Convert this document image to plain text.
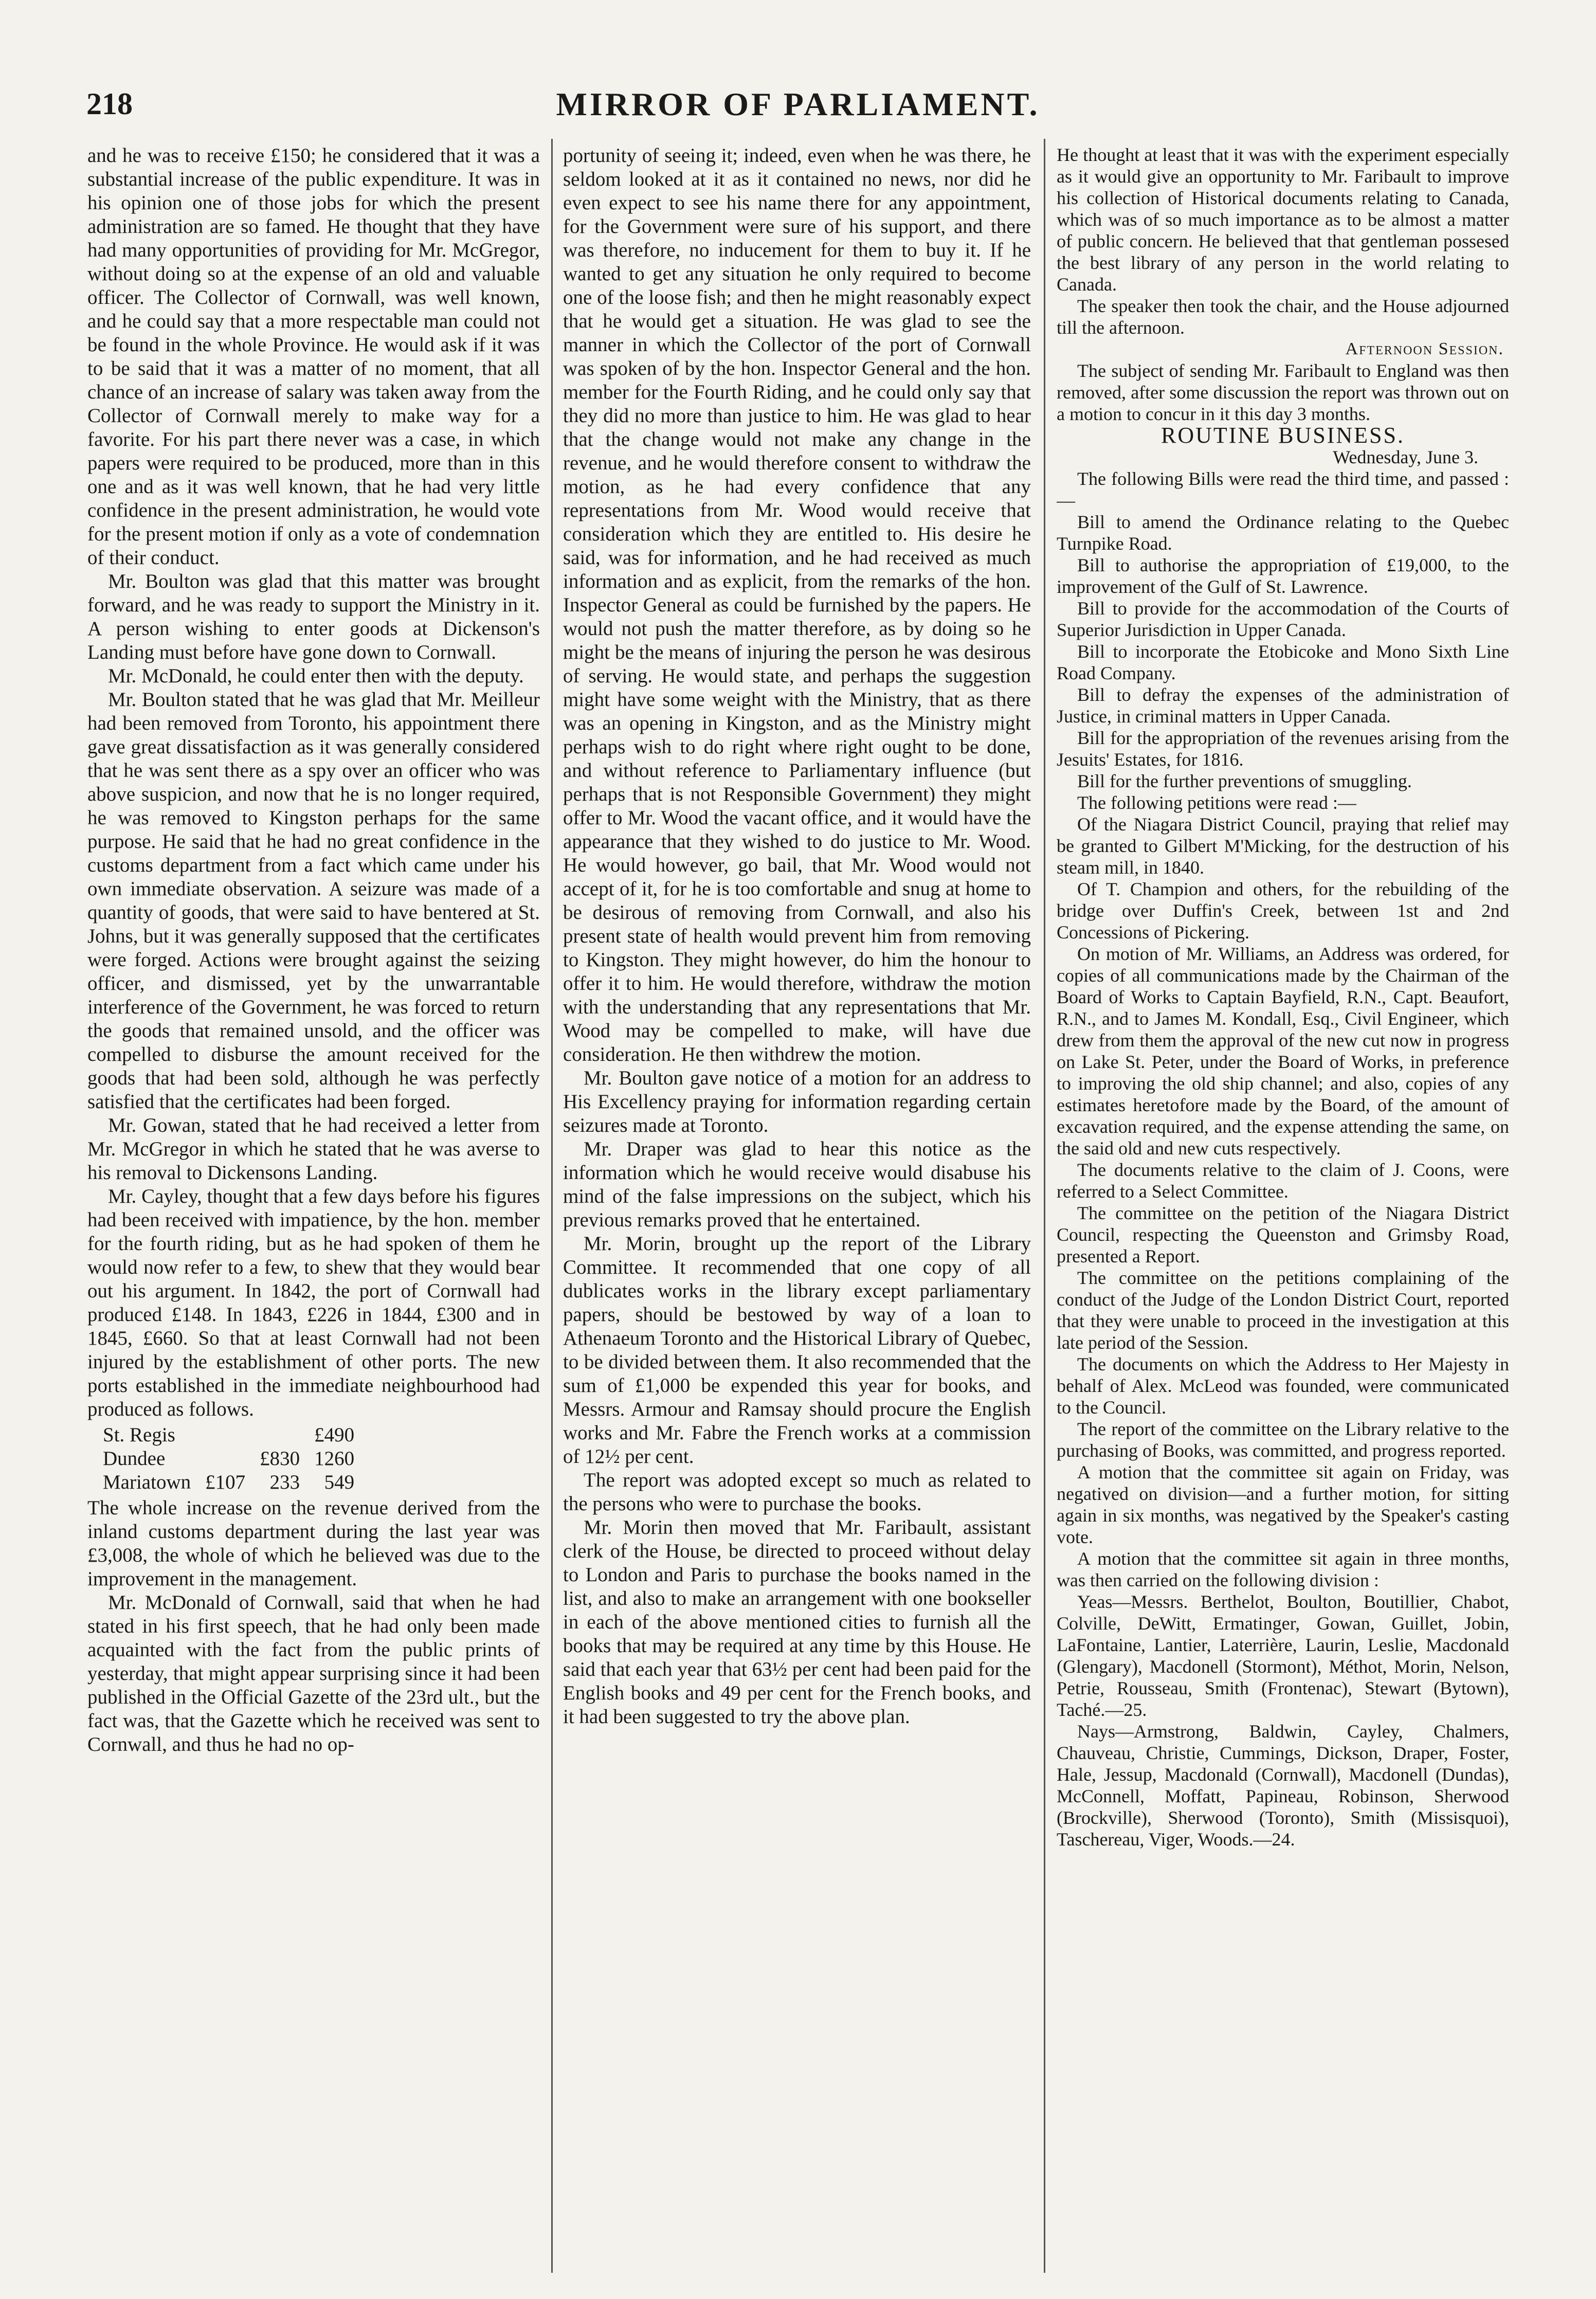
218	MIRROR OF PARLIAMENT.

and he was to receive £150; he considered that it was a substantial increase of the public expenditure. It was in his opinion one of those jobs for which the present administration are so famed. He thought that they have had many opportunities of providing for Mr. McGregor, without doing so at the expense of an old and valuable officer. The Collector of Cornwall, was well known, and he could say that a more respectable man could not be found in the whole Province. He would ask if it was to be said that it was a matter of no moment, that all chance of an increase of salary was taken away from the Collector of Cornwall merely to make way for a favorite. For his part there never was a case, in which papers were required to be produced, more than in this one and as it was well known, that he had very little confidence in the present administration, he would vote for the present motion if only as a vote of condemnation of their conduct.

Mr. Boulton was glad that this matter was brought forward, and he was ready to support the Ministry in it. A person wishing to enter goods at Dickenson's Landing must before have gone down to Cornwall.

Mr. McDonald, he could enter then with the deputy.

Mr. Boulton stated that he was glad that Mr. Meilleur had been removed from Toronto, his appointment there gave great dissatisfaction as it was generally considered that he was sent there as a spy over an officer who was above suspicion, and now that he is no longer required, he was removed to Kingston perhaps for the same purpose. He said that he had no great confidence in the customs department from a fact which came under his own immediate observation. A seizure was made of a quantity of goods, that were said to have bentered at St. Johns, but it was generally supposed that the certificates were forged. Actions were brought against the seizing officer, and dismissed, yet by the unwarrantable interference of the Government, he was forced to return the goods that remained unsold, and the officer was compelled to disburse the amount received for the goods that had been sold, although he was perfectly satisfied that the certificates had been forged.

Mr. Gowan, stated that he had received a letter from Mr. McGregor in which he stated that he was averse to his removal to Dickensons Landing.

Mr. Cayley, thought that a few days before his figures had been received with impatience, by the hon. member for the fourth riding, but as he had spoken of them he would now refer to a few, to shew that they would bear out his argument. In 1842, the port of Cornwall had produced £148. In 1843, £226 in 1844, £300 and in 1845, £660. So that at least Cornwall had not been injured by the establishment of other ports. The new ports established in the immediate neighbourhood had produced as follows.

St. Regis			£490
Dundee		£830	1260
Mariatown	£107	233	549

The whole increase on the revenue derived from the inland customs department during the last year was £3,008, the whole of which he believed was due to the improvement in the management.

Mr. McDonald of Cornwall, said that when he had stated in his first speech, that he had only been made acquainted with the fact from the public prints of yesterday, that might appear surprising since it had been published in the Official Gazette of the 23rd ult., but the fact was, that the Gazette which he received was sent to Cornwall, and thus he had no op-

portunity of seeing it; indeed, even when he was there, he seldom looked at it as it contained no news, nor did he even expect to see his name there for any appointment, for the Government were sure of his support, and there was therefore, no inducement for them to buy it. If he wanted to get any situation he only required to become one of the loose fish; and then he might reasonably expect that he would get a situation. He was glad to see the manner in which the Collector of the port of Cornwall was spoken of by the hon. Inspector General and the hon. member for the Fourth Riding, and he could only say that they did no more than justice to him. He was glad to hear that the change would not make any change in the revenue, and he would therefore consent to withdraw the motion, as he had every confidence that any representations from Mr. Wood would receive that consideration which they are entitled to. His desire he said, was for information, and he had received as much information and as explicit, from the remarks of the hon. Inspector General as could be furnished by the papers. He would not push the matter therefore, as by doing so he might be the means of injuring the person he was desirous of serving. He would state, and perhaps the suggestion might have some weight with the Ministry, that as there was an opening in Kingston, and as the Ministry might perhaps wish to do right where right ought to be done, and without reference to Parliamentary influence (but perhaps that is not Responsible Government) they might offer to Mr. Wood the vacant office, and it would have the appearance that they wished to do justice to Mr. Wood. He would however, go bail, that Mr. Wood would not accept of it, for he is too comfortable and snug at home to be desirous of removing from Cornwall, and also his present state of health would prevent him from removing to Kingston. They might however, do him the honour to offer it to him. He would therefore, withdraw the motion with the understanding that any representations that Mr. Wood may be compelled to make, will have due consideration. He then withdrew the motion.

Mr. Boulton gave notice of a motion for an address to His Excellency praying for information regarding certain seizures made at Toronto.

Mr. Draper was glad to hear this notice as the information which he would receive would disabuse his mind of the false impressions on the subject, which his previous remarks proved that he entertained.

Mr. Morin, brought up the report of the Library Committee. It recommended that one copy of all dublicates works in the library except parliamentary papers, should be bestowed by way of a loan to Athenaeum Toronto and the Historical Library of Quebec, to be divided between them. It also recommended that the sum of £1,000 be expended this year for books, and Messrs. Armour and Ramsay should procure the English works and Mr. Fabre the French works at a commission of 12½ per cent.

The report was adopted except so much as related to the persons who were to purchase the books.

Mr. Morin then moved that Mr. Faribault, assistant clerk of the House, be directed to proceed without delay to London and Paris to purchase the books named in the list, and also to make an arrangement with one bookseller in each of the above mentioned cities to furnish all the books that may be required at any time by this House. He said that each year that 63½ per cent had been paid for the English books and 49 per cent for the French books, and it had been suggested to try the above plan.

He thought at least that it was with the experiment especially as it would give an opportunity to Mr. Faribault to improve his collection of Historical documents relating to Canada, which was of so much importance as to be almost a matter of public concern. He believed that that gentleman possesed the best library of any person in the world relating to Canada.

The speaker then took the chair, and the House adjourned till the afternoon.

Afternoon Session.

The subject of sending Mr. Faribault to England was then removed, after some discussion the report was thrown out on a motion to concur in it this day 3 months.

ROUTINE BUSINESS.

Wednesday, June 3.

The following Bills were read the third time, and passed :—

Bill to amend the Ordinance relating to the Quebec Turnpike Road.

Bill to authorise the appropriation of £19,000, to the improvement of the Gulf of St. Lawrence.

Bill to provide for the accommodation of the Courts of Superior Jurisdiction in Upper Canada.

Bill to incorporate the Etobicoke and Mono Sixth Line Road Company.

Bill to defray the expenses of the administration of Justice, in criminal matters in Upper Canada.

Bill for the appropriation of the revenues arising from the Jesuits' Estates, for 1816.

Bill for the further preventions of smuggling.

The following petitions were read :—

Of the Niagara District Council, praying that relief may be granted to Gilbert M'Micking, for the destruction of his steam mill, in 1840.

Of T. Champion and others, for the rebuilding of the bridge over Duffin's Creek, between 1st and 2nd Concessions of Pickering.

On motion of Mr. Williams, an Address was ordered, for copies of all communications made by the Chairman of the Board of Works to Captain Bayfield, R.N., Capt. Beaufort, R.N., and to James M. Kondall, Esq., Civil Engineer, which drew from them the approval of the new cut now in progress on Lake St. Peter, under the Board of Works, in preference to improving the old ship channel; and also, copies of any estimates heretofore made by the Board, of the amount of excavation required, and the expense attending the same, on the said old and new cuts respectively.

The documents relative to the claim of J. Coons, were referred to a Select Committee.

The committee on the petition of the Niagara District Council, respecting the Queenston and Grimsby Road, presented a Report.

The committee on the petitions complaining of the conduct of the Judge of the London District Court, reported that they were unable to proceed in the investigation at this late period of the Session.

The documents on which the Address to Her Majesty in behalf of Alex. McLeod was founded, were communicated to the Council.

The report of the committee on the Library relative to the purchasing of Books, was committed, and progress reported.

A motion that the committee sit again on Friday, was negatived on division—and a further motion, for sitting again in six months, was negatived by the Speaker's casting vote.

A motion that the committee sit again in three months, was then carried on the following division :

Yeas—Messrs. Berthelot, Boulton, Boutillier, Chabot, Colville, DeWitt, Ermatinger, Gowan, Guillet, Jobin, LaFontaine, Lantier, Laterrière, Laurin, Leslie, Macdonald (Glengary), Macdonell (Stormont), Méthot, Morin, Nelson, Petrie, Rousseau, Smith (Frontenac), Stewart (Bytown), Taché.—25.

Nays—Armstrong, Baldwin, Cayley, Chalmers, Chauveau, Christie, Cummings, Dickson, Draper, Foster, Hale, Jessup, Macdonald (Cornwall), Macdonell (Dundas), McConnell, Moffatt, Papineau, Robinson, Sherwood (Brockville), Sherwood (Toronto), Smith (Missisquoi), Taschereau, Viger, Woods.—24.
